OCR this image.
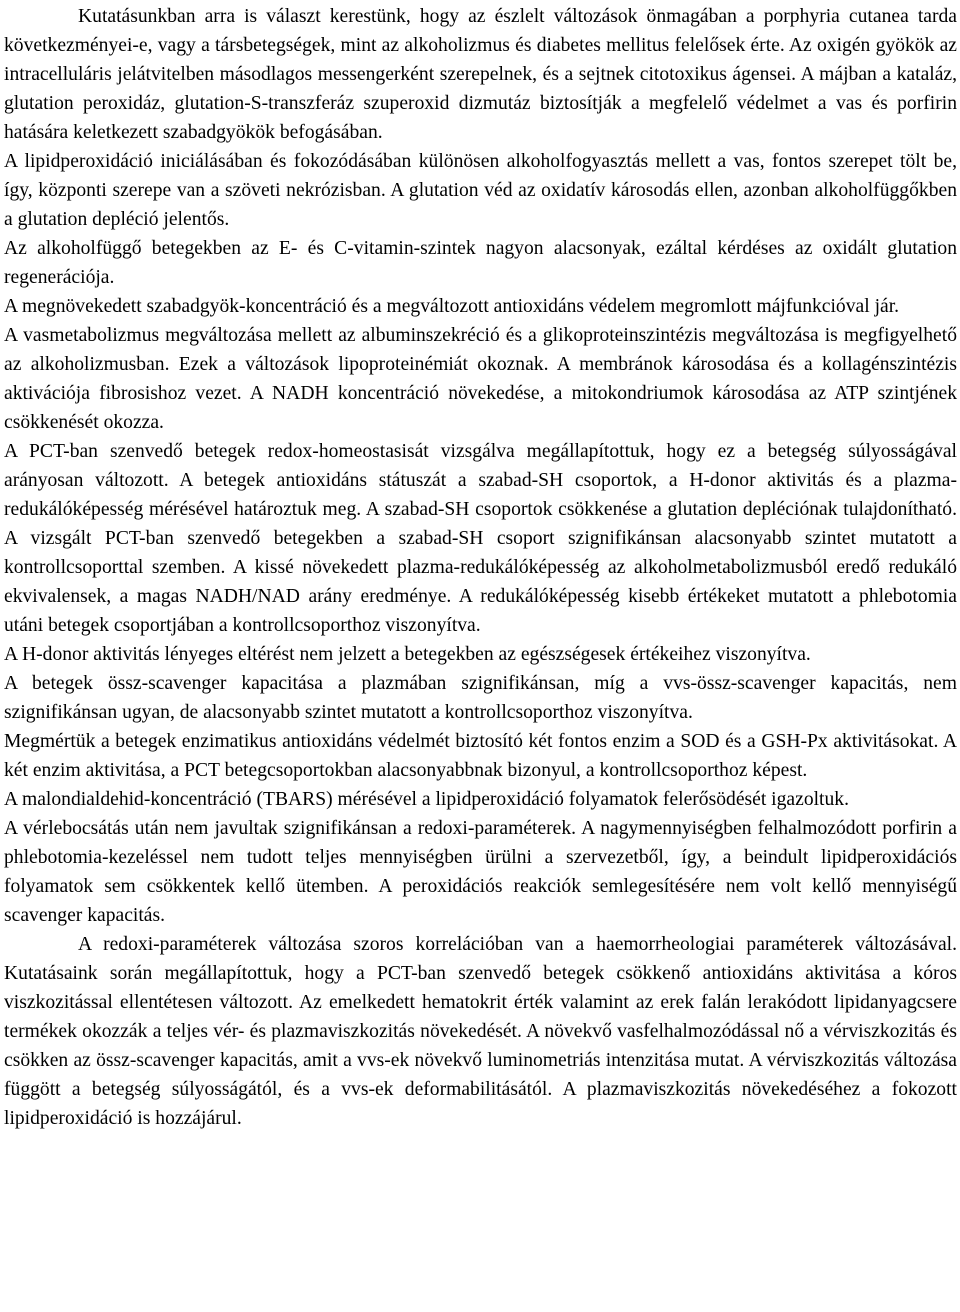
Kutatásunkban arra is választ kerestünk, hogy az észlelt változások önmagában a porphyria cutanea tarda következményei-e, vagy a társbetegségek, mint az alkoholizmus és diabetes mellitus felelősek érte. Az oxigén gyökök az intracelluláris jelátvitelben másodlagos messengerként szerepelnek, és a sejtnek citotoxikus ágensei. A májban a kataláz, glutation peroxidáz, glutation-S-transzferáz szuperoxid dizmutáz biztosítják a megfelelő védelmet a vas és porfirin hatására keletkezett szabadgyökök befogásában.

A lipidperoxidáció iniciálásában és fokozódásában különösen alkoholfogyasztás mellett a vas, fontos szerepet tölt be, így, központi szerepe van a szöveti nekrózisban. A glutation véd az oxidatív károsodás ellen, azonban alkoholfüggőkben a glutation depléció jelentős.

Az alkoholfüggő betegekben az E- és C-vitamin-szintek nagyon alacsonyak, ezáltal kérdéses az oxidált glutation regenerációja.

A megnövekedett szabadgyök-koncentráció és a megváltozott antioxidáns védelem megromlott májfunkcióval jár.

A vasmetabolizmus megváltozása mellett az albuminszekréció és a glikoproteinszintézis megváltozása is megfigyelhető az alkoholizmusban. Ezek a változások lipoproteinémiát okoznak. A membránok károsodása és a kollagénszintézis aktivációja fibrosishoz vezet. A NADH koncentráció növekedése, a mitokondriumok károsodása az ATP szintjének csökkenését okozza.

A PCT-ban szenvedő betegek redox-homeostasisát vizsgálva megállapítottuk, hogy ez a betegség súlyosságával arányosan változott. A betegek antioxidáns státuszát a szabad-SH csoportok, a H-donor aktivitás és a plazma-redukálóképesség mérésével határoztuk meg. A szabad-SH csoportok csökkenése a glutation depléciónak tulajdonítható. A vizsgált PCT-ban szenvedő betegekben a szabad-SH csoport szignifikánsan alacsonyabb szintet mutatott a kontrollcsoporttal szemben. A kissé növekedett plazma-redukálóképesség az alkoholmetabolizmusból eredő redukáló ekvivalensek, a magas NADH/NAD arány eredménye. A redukálóképesség kisebb értékeket mutatott a phlebotomia utáni betegek csoportjában a kontrollcsoporthoz viszonyítva.

A H-donor aktivitás lényeges eltérést nem jelzett a betegekben az egészségesek értékeihez viszonyítva.

A betegek össz-scavenger kapacitása a plazmában szignifikánsan, míg a vvs-össz-scavenger kapacitás, nem szignifikánsan ugyan, de alacsonyabb szintet mutatott a kontrollcsoporthoz viszonyítva.

Megmértük a betegek enzimatikus antioxidáns védelmét biztosító két fontos enzim a SOD és a GSH-Px aktivitásokat. A két enzim aktivitása, a PCT betegcsoportokban alacsonyabbnak bizonyul, a kontrollcsoporthoz képest.

A malondialdehid-koncentráció (TBARS) mérésével a lipidperoxidáció folyamatok felerősödését igazoltuk.

A vérlebocsátás után nem javultak szignifikánsan a redoxi-paraméterek. A nagymennyiségben felhalmozódott porfirin a phlebotomia-kezeléssel nem tudott teljes mennyiségben ürülni a szervezetből, így, a beindult lipidperoxidációs folyamatok sem csökkentek kellő ütemben. A peroxidációs reakciók semlegesítésére nem volt kellő mennyiségű scavenger kapacitás.

A redoxi-paraméterek változása szoros korrelációban van a haemorrheologiai paraméterek változásával. Kutatásaink során megállapítottuk, hogy a PCT-ban szenvedő betegek csökkenő antioxidáns aktivitása a kóros viszkozitással ellentétesen változott. Az emelkedett hematokrit érték valamint az erek falán lerakódott lipidanyagcsere termékek okozzák a teljes vér- és plazmaviszkozitás növekedését. A növekvő vasfelhalmozódással nő a vérviszkozitás és csökken az össz-scavenger kapacitás, amit a vvs-ek növekvő luminometriás intenzitása mutat. A vérviszkozitás változása függött a betegség súlyosságától, és a vvs-ek deformabilitásától. A plazmaviszkozitás növekedéséhez a fokozott lipidperoxidáció is hozzájárul.
